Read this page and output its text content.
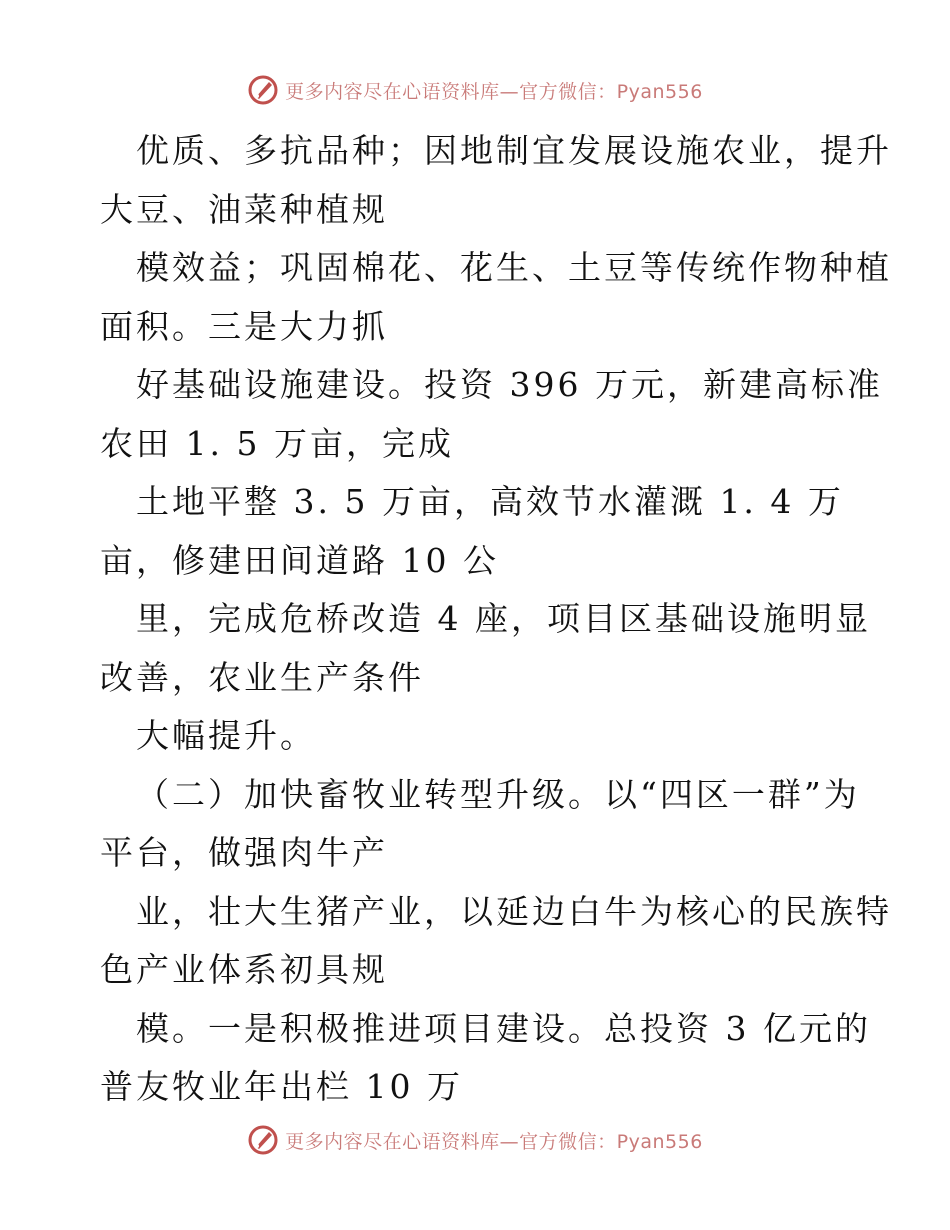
更多内容尽在心语资料库—官方微信：Pyan556
优质、多抗品种；因地制宜发展设施农业，提升
大豆、油菜种植规
模效益；巩固棉花、花生、土豆等传统作物种植
面积。三是大力抓
好基础设施建设。投资 396 万元，新建高标准
农田 1. 5 万亩，完成
土地平整 3. 5 万亩，高效节水灌溉 1. 4 万
亩，修建田间道路 10 公
里，完成危桥改造 4 座，项目区基础设施明显
改善，农业生产条件
大幅提升。
（二）加快畜牧业转型升级。以“四区一群”为
平台，做强肉牛产
业，壮大生猪产业，以延边白牛为核心的民族特
色产业体系初具规
模。一是积极推进项目建设。总投资 3 亿元的
普友牧业年出栏 10 万
更多内容尽在心语资料库—官方微信：Pyan556
